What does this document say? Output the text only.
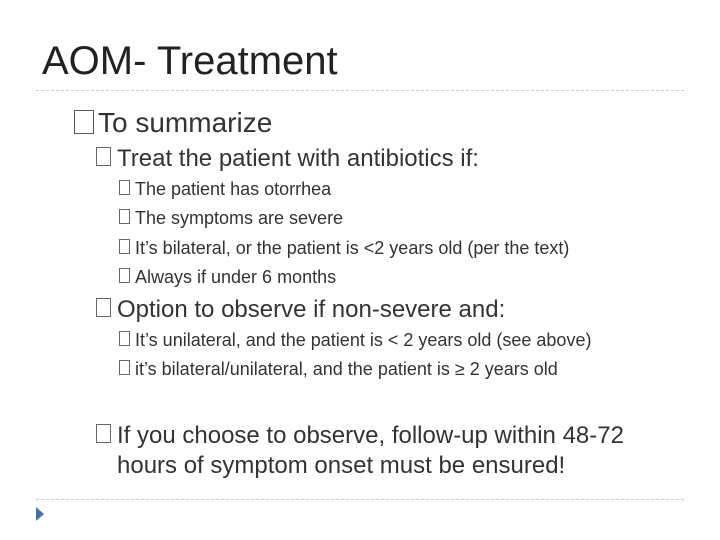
AOM- Treatment
To summarize
Treat the patient with antibiotics if:
The patient has otorrhea
The symptoms are severe
It’s bilateral, or the patient is <2 years old (per the text)
Always if under 6 months
Option to observe if non-severe and:
It’s unilateral, and the patient is < 2 years old (see above)
it’s bilateral/unilateral, and the patient is ≥ 2 years old
If you choose to observe, follow-up within 48-72
hours of symptom onset must be ensured!
